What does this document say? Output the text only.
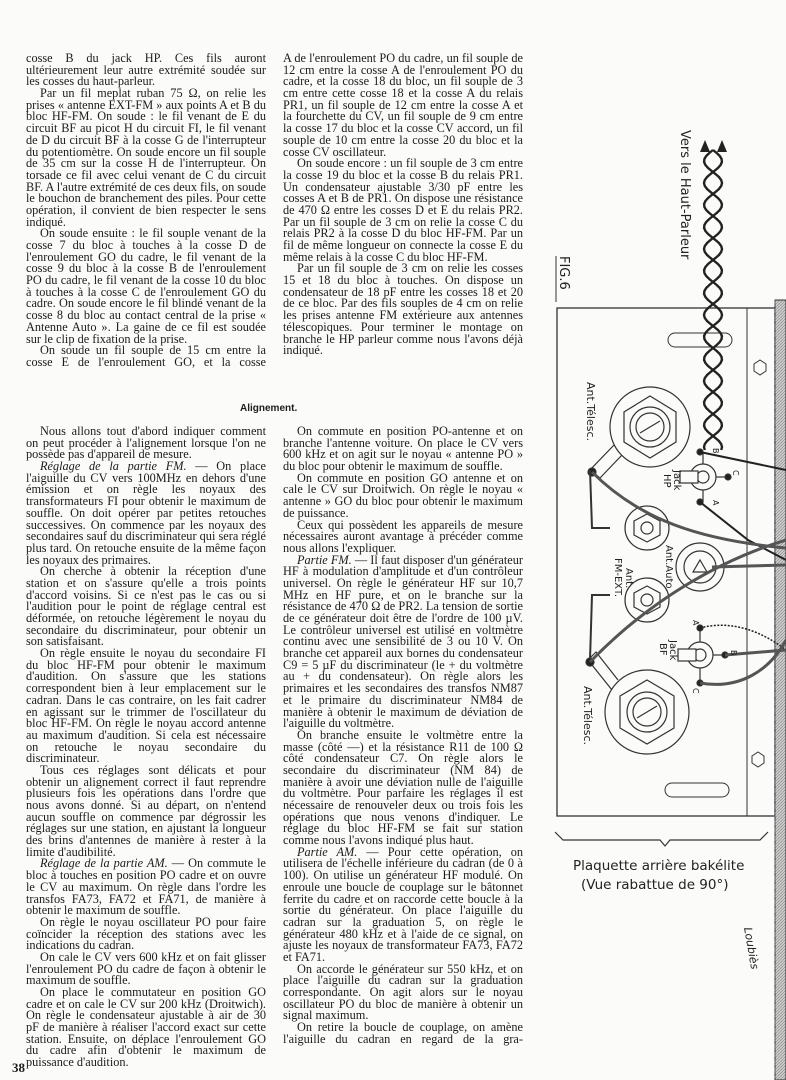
Vers le Haut-Parleur
FIG.6
Ant.Télesc.
Jack
HP
B
C
A
Ant.Auto
Ant.
FM-EXT.
Jack
BF
A
B
C
Ant.Télesc.
Plaquette arrière bakélite
(Vue rabattue de 90°)
Loubiès

cosse B du jack HP. Ces fils auront ultérieurement leur autre extrémité soudée sur les cosses du haut-parleur.

Par un fil meplat ruban 75 Ω, on relie les prises « antenne EXT-FM » aux points A et B du bloc HF-FM. On soude : le fil venant de E du circuit BF au picot H du circuit FI, le fil venant de D du circuit BF à la cosse G de l'interrupteur du potentiomètre. On soude encore un fil souple de 35 cm sur la cosse H de l'interrupteur. On torsade ce fil avec celui venant de C du circuit BF. A l'autre extrémité de ces deux fils, on soude le bouchon de branchement des piles. Pour cette opération, il convient de bien respecter le sens indiqué.

On soude ensuite : le fil souple venant de la cosse 7 du bloc à touches à la cosse D de l'enroulement GO du cadre, le fil venant de la cosse 9 du bloc à la cosse B de l'enroulement PO du cadre, le fil venant de la cosse 10 du bloc à touches à la cosse C de l'enroulement GO du cadre. On soude encore le fil blindé venant de la cosse 8 du bloc au contact central de la prise « Antenne Auto ». La gaine de ce fil est soudée sur le clip de fixation de la prise.

On soude un fil souple de 15 cm entre la cosse E de l'enroulement GO, et la cosse

A de l'enroulement PO du cadre, un fil souple de 12 cm entre la cosse A de l'enroulement PO du cadre, et la cosse 18 du bloc, un fil souple de 3 cm entre cette cosse 18 et la cosse A du relais PR1, un fil souple de 12 cm entre la cosse A et la fourchette du CV, un fil souple de 9 cm entre la cosse 17 du bloc et la cosse CV accord, un fil souple de 10 cm entre la cosse 20 du bloc et la cosse CV oscillateur.

On soude encore : un fil souple de 3 cm entre la cosse 19 du bloc et la cosse B du relais PR1. Un condensateur ajustable 3/30 pF entre les cosses A et B de PR1. On dispose une résistance de 470 Ω entre les cosses D et E du relais PR2. Par un fil souple de 3 cm on relie la cosse C du relais PR2 à la cosse D du bloc HF-FM. Par un fil de même longueur on connecte la cosse E du même relais à la cosse C du bloc HF-FM.

Par un fil souple de 3 cm on relie les cosses 15 et 18 du bloc à touches. On dispose un condensateur de 18 pF entre les cosses 18 et 20 de ce bloc. Par des fils souples de 4 cm on relie les prises antenne FM extérieure aux antennes télescopiques. Pour terminer le montage on branche le HP parleur comme nous l'avons déjà indiqué.

Alignement.

Nous allons tout d'abord indiquer comment on peut procéder à l'alignement lorsque l'on ne possède pas d'appareil de mesure.

Réglage de la partie FM. — On place l'aiguille du CV vers 100MHz en dehors d'une émission et on règle les noyaux des transformateurs FI pour obtenir le maximum de souffle. On doit opérer par petites retouches successives. On commence par les noyaux des secondaires sauf du discriminateur qui sera réglé plus tard. On retouche ensuite de la même façon les noyaux des primaires.

On cherche à obtenir la réception d'une station et on s'assure qu'elle a trois points d'accord voisins. Si ce n'est pas le cas ou si l'audition pour le point de réglage central est déformée, on retouche légèrement le noyau du secondaire du discriminateur, pour obtenir un son satisfaisant.

On règle ensuite le noyau du secondaire FI du bloc HF-FM pour obtenir le maximum d'audition. On s'assure que les stations correspondent bien à leur emplacement sur le cadran. Dans le cas contraire, on les fait cadrer en agissant sur le trimmer de l'oscillateur du bloc HF-FM. On règle le noyau accord antenne au maximum d'audition. Si cela est nécessaire on retouche le noyau secondaire du discriminateur.

Tous ces réglages sont délicats et pour obtenir un alignement correct il faut reprendre plusieurs fois les opérations dans l'ordre que nous avons donné. Si au départ, on n'entend aucun souffle on commence par dégrossir les réglages sur une station, en ajustant la longueur des brins d'antennes de manière à rester à la limite d'audibilité.

Réglage de la partie AM. — On commute le bloc à touches en position PO cadre et on ouvre le CV au maximum. On règle dans l'ordre les transfos FA73, FA72 et FA71, de manière à obtenir le maximum de souffle.

On règle le noyau oscillateur PO pour faire coïncider la réception des stations avec les indications du cadran.

On cale le CV vers 600 kHz et on fait glisser l'enroulement PO du cadre de façon à obtenir le maximum de souffle.

On place le commutateur en position GO cadre et on cale le CV sur 200 kHz (Droitwich). On règle le condensateur ajustable à air de 30 pF de manière à réaliser l'accord exact sur cette station. Ensuite, on déplace l'enroulement GO du cadre afin d'obtenir le maximum de puissance d'audition.

On commute en position PO-antenne et on branche l'antenne voiture. On place le CV vers 600 kHz et on agit sur le noyau « antenne PO » du bloc pour obtenir le maximum de souffle.

On commute en position GO antenne et on cale le CV sur Droitwich. On règle le noyau « antenne » GO du bloc pour obtenir le maximum de puissance.

Ceux qui possèdent les appareils de mesure nécessaires auront avantage à précéder comme nous allons l'expliquer.

Partie FM. — Il faut disposer d'un générateur HF à modulation d'amplitude et d'un contrôleur universel. On règle le générateur HF sur 10,7 MHz en HF pure, et on le branche sur la résistance de 470 Ω de PR2. La tension de sortie de ce générateur doit être de l'ordre de 100 µV. Le contrôleur universel est utilisé en voltmètre continu avec une sensibilité de 3 ou 10 V. On branche cet appareil aux bornes du condensateur C9 = 5 µF du discriminateur (le + du voltmètre au + du condensateur). On règle alors les primaires et les secondaires des transfos NM87 et le primaire du discriminateur NM84 de manière à obtenir le maximum de déviation de l'aiguille du voltmètre.

On branche ensuite le voltmètre entre la masse (côté —) et la résistance R11 de 100 Ω côté condensateur C7. On règle alors le secondaire du discriminateur (NM 84) de manière à avoir une déviation nulle de l'aiguille du voltmètre. Pour parfaire les réglages il est nécessaire de renouveler deux ou trois fois les opérations que nous venons d'indiquer. Le réglage du bloc HF-FM se fait sur station comme nous l'avons indiqué plus haut.

Partie AM. — Pour cette opération, on utilisera de l'échelle inférieure du cadran (de 0 à 100). On utilise un générateur HF modulé. On enroule une boucle de couplage sur le bâtonnet ferrite du cadre et on raccorde cette boucle à la sortie du générateur. On place l'aiguille du cadran sur la graduation 5, on règle le générateur 480 kHz et à l'aide de ce signal, on ajuste les noyaux de transformateur FA73, FA72 et FA71.

On accorde le générateur sur 550 kHz, et on place l'aiguille du cadran sur la graduation correspondante. On agit alors sur le noyau oscillateur PO du bloc de manière à obtenir un signal maximum.

On retire la boucle de couplage, on amène l'aiguille du cadran en regard de la gra-

38
